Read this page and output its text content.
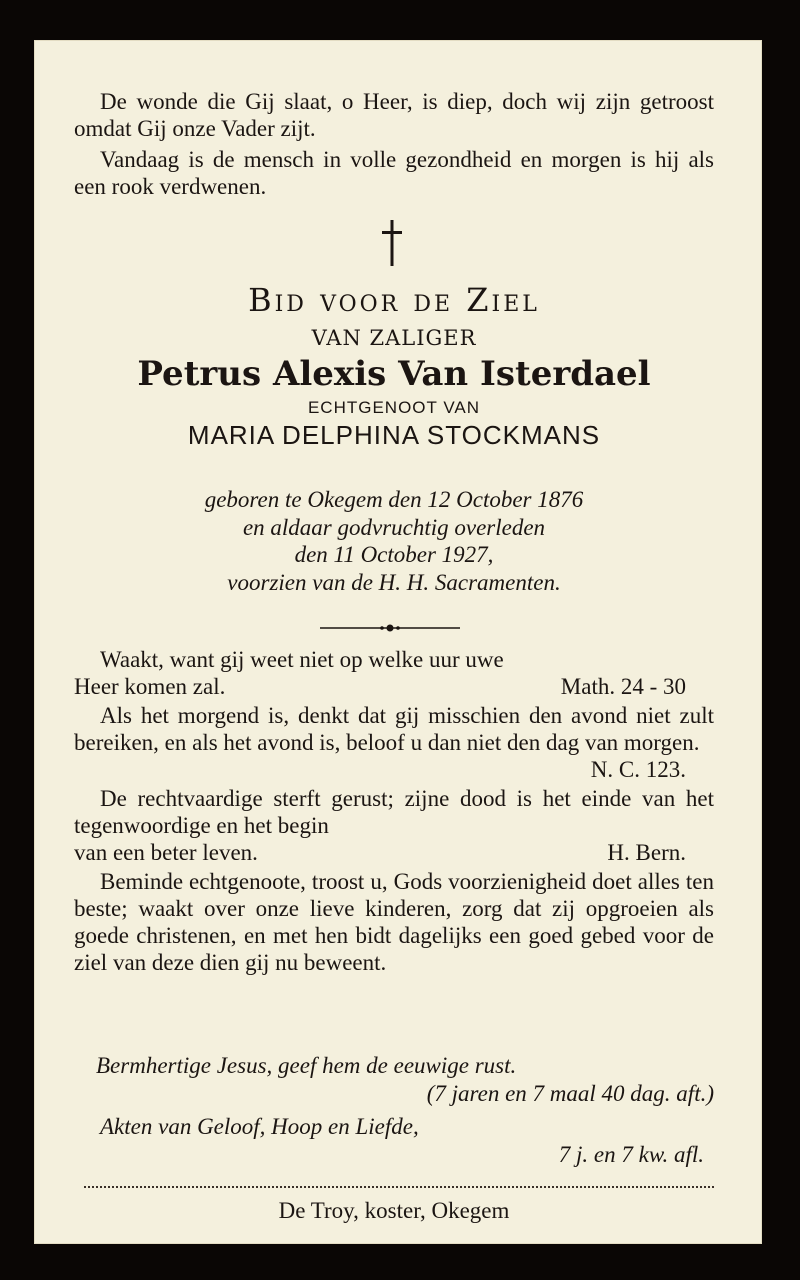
De wonde die Gij slaat, o Heer, is diep, doch wij zijn getroost omdat Gij onze Vader zijt.

Vandaag is de mensch in volle gezondheid en morgen is hij als een rook verdwenen.

Bid voor de Ziel

VAN ZALIGER

Petrus Alexis Van Isterdael

ECHTGENOOT VAN

MARIA DELPHINA STOCKMANS

geboren te Okegem den 12 October 1876

en aldaar godvruchtig overleden

den 11 October 1927,

voorzien van de H. H. Sacramenten.

Waakt, want gij weet niet op welke uur uwe

Heer komen zal.	Math. 24 - 30

Als het morgend is, denkt dat gij misschien den avond niet zult bereiken, en als het avond is, beloof u dan niet den dag van morgen.

N. C. 123.

De rechtvaardige sterft gerust; zijne dood is het einde van het tegenwoordige en het begin

van een beter leven.	H. Bern.

Beminde echtgenoote, troost u, Gods voorzienigheid doet alles ten beste; waakt over onze lieve kinderen, zorg dat zij opgroeien als goede christenen, en met hen bidt dagelijks een goed gebed voor de ziel van deze dien gij nu beweent.

Bermhertige Jesus, geef hem de eeuwige rust.

(7 jaren en 7 maal 40 dag. aft.)

Akten van Geloof, Hoop en Liefde,

7 j. en 7 kw. afl.

De Troy, koster, Okegem
